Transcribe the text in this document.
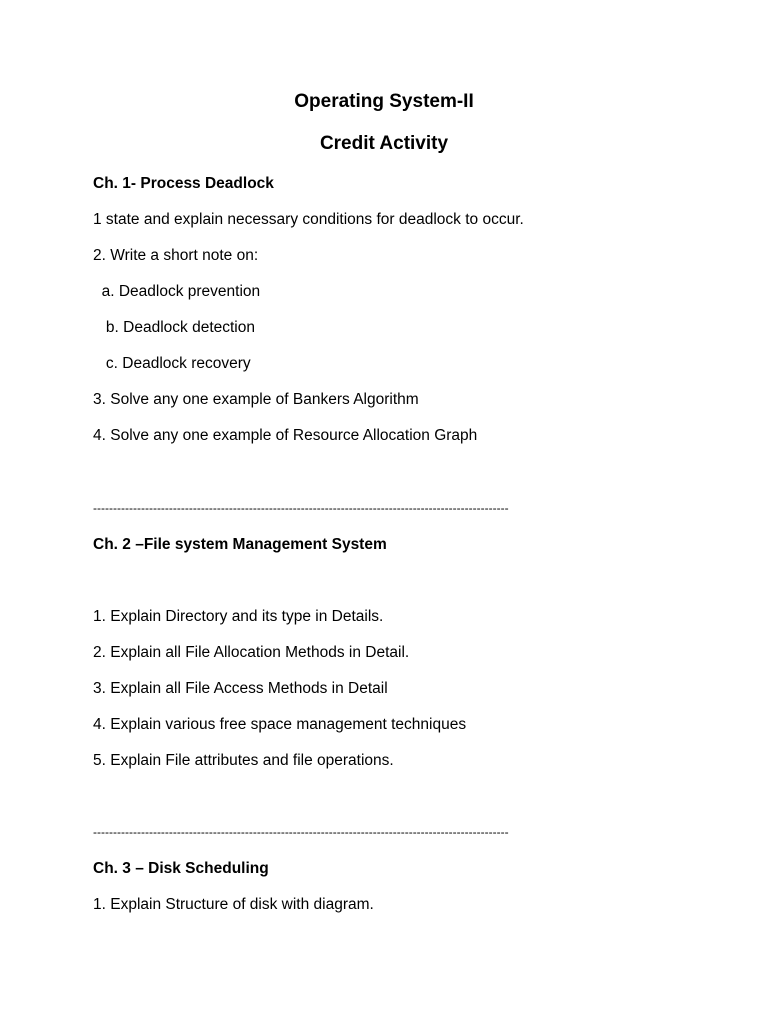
Operating System-II
Credit Activity
Ch. 1- Process Deadlock
1 state and explain necessary conditions for deadlock to occur.
2. Write a short note on:
a. Deadlock prevention
b. Deadlock detection
c. Deadlock recovery
3. Solve any one example of Bankers Algorithm
4. Solve any one example of Resource Allocation Graph
--------------------------------------------------------------------------------------------------------
Ch. 2 –File system Management System
1. Explain Directory and its type in Details.
2. Explain all File Allocation Methods in Detail.
3. Explain all File Access Methods in Detail
4. Explain various free space management techniques
5. Explain File attributes and file operations.
--------------------------------------------------------------------------------------------------------
Ch. 3 – Disk Scheduling
1. Explain Structure of disk with diagram.
